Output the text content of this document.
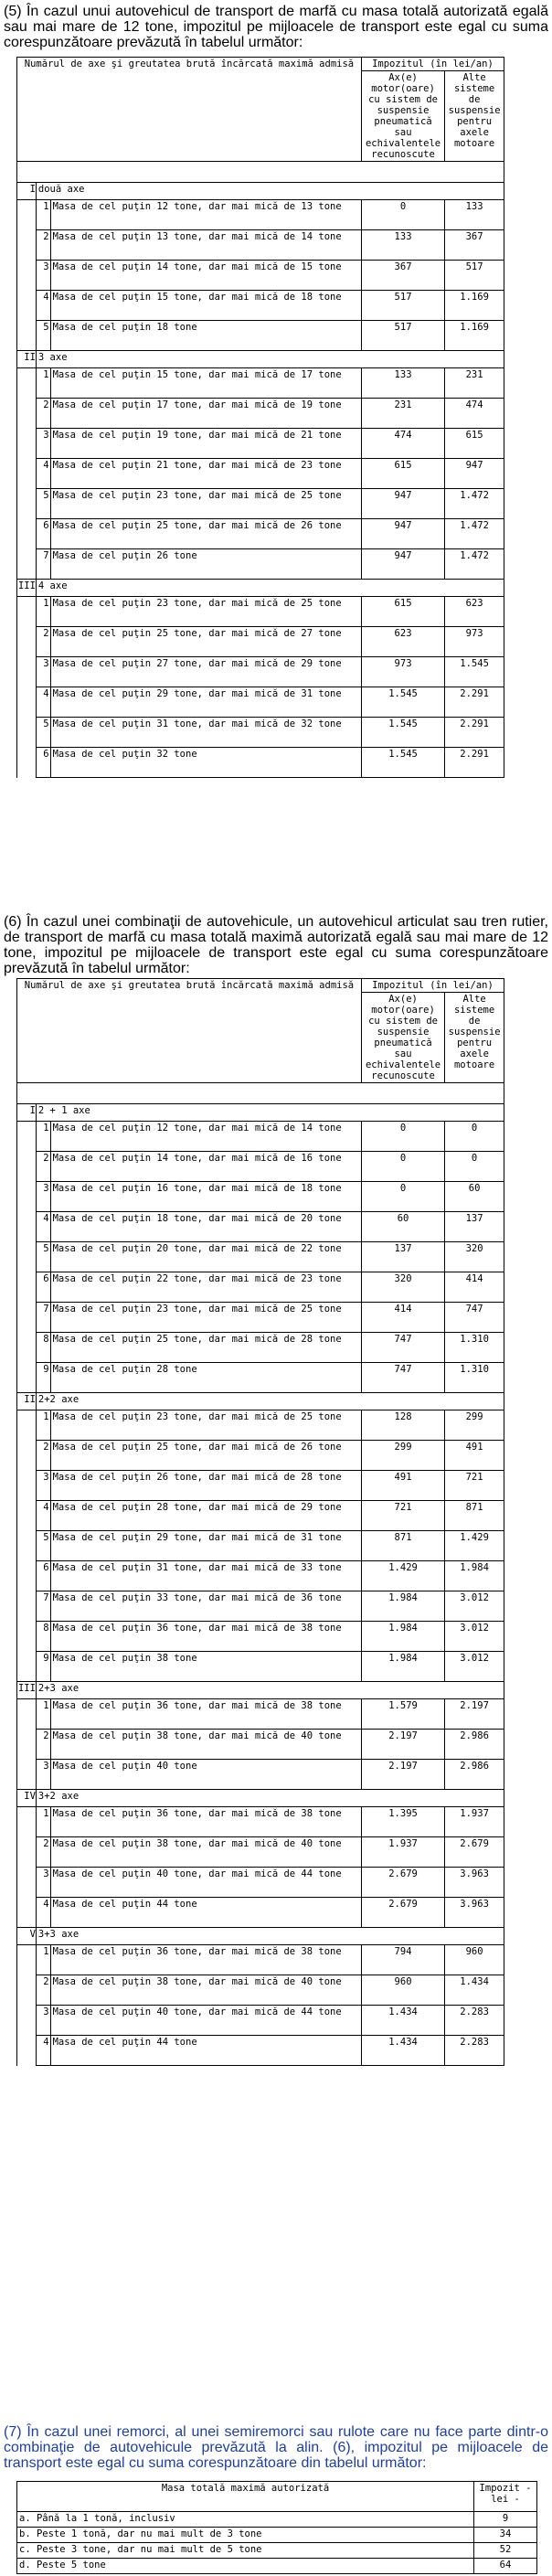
(5) În cazul unui autovehicul de transport de marfă cu masa totală autorizată egală sau mai mare de 12 tone, impozitul pe mijloacele de transport este egal cu suma corespunzătoare prevăzută în tabelul următor:

Numărul de axe şi greutatea brută încărcată maximă admisă			Impozitul (în lei/an)	
			Ax(e) motor(oare) cu sistem de suspensie pneumatică sau echivalentele recunoscute	Alte sisteme de suspensie pentru axele motoare

I	două axe			
	1	Masa de cel puţin 12 tone, dar mai mică de 13 tone	0	133
	2	Masa de cel puţin 13 tone, dar mai mică de 14 tone	133	367
	3	Masa de cel puţin 14 tone, dar mai mică de 15 tone	367	517
	4	Masa de cel puţin 15 tone, dar mai mică de 18 tone	517	1.169
	5	Masa de cel puţin 18 tone	517	1.169
II	3 axe			
	1	Masa de cel puţin 15 tone, dar mai mică de 17 tone	133	231
	2	Masa de cel puţin 17 tone, dar mai mică de 19 tone	231	474
	3	Masa de cel puţin 19 tone, dar mai mică de 21 tone	474	615
	4	Masa de cel puţin 21 tone, dar mai mică de 23 tone	615	947
	5	Masa de cel puţin 23 tone, dar mai mică de 25 tone	947	1.472
	6	Masa de cel puţin 25 tone, dar mai mică de 26 tone	947	1.472
	7	Masa de cel puţin 26 tone	947	1.472
III	4 axe			
	1	Masa de cel puţin 23 tone, dar mai mică de 25 tone	615	623
	2	Masa de cel puţin 25 tone, dar mai mică de 27 tone	623	973
	3	Masa de cel puţin 27 tone, dar mai mică de 29 tone	973	1.545
	4	Masa de cel puţin 29 tone, dar mai mică de 31 tone	1.545	2.291
	5	Masa de cel puţin 31 tone, dar mai mică de 32 tone	1.545	2.291
	6	Masa de cel puţin 32 tone	1.545	2.291

(6) În cazul unei combinaţii de autovehicule, un autovehicul articulat sau tren rutier, de transport de marfă cu masa totală maximă autorizată egală sau mai mare de 12 tone, impozitul pe mijloacele de transport este egal cu suma corespunzătoare prevăzută în tabelul următor:

Numărul de axe şi greutatea brută încărcată maximă admisă			Impozitul (în lei/an)	
			Ax(e) motor(oare) cu sistem de suspensie pneumatică sau echivalentele recunoscute	Alte sisteme de suspensie pentru axele motoare

I	2 + 1 axe			
	1	Masa de cel puţin 12 tone, dar mai mică de 14 tone	0	0
	2	Masa de cel puţin 14 tone, dar mai mică de 16 tone	0	0
	3	Masa de cel puţin 16 tone, dar mai mică de 18 tone	0	60
	4	Masa de cel puţin 18 tone, dar mai mică de 20 tone	60	137
	5	Masa de cel puţin 20 tone, dar mai mică de 22 tone	137	320
	6	Masa de cel puţin 22 tone, dar mai mică de 23 tone	320	414
	7	Masa de cel puţin 23 tone, dar mai mică de 25 tone	414	747
	8	Masa de cel puţin 25 tone, dar mai mică de 28 tone	747	1.310
	9	Masa de cel puţin 28 tone	747	1.310
II	2+2 axe			
	1	Masa de cel puţin 23 tone, dar mai mică de 25 tone	128	299
	2	Masa de cel puţin 25 tone, dar mai mică de 26 tone	299	491
	3	Masa de cel puţin 26 tone, dar mai mică de 28 tone	491	721
	4	Masa de cel puţin 28 tone, dar mai mică de 29 tone	721	871
	5	Masa de cel puţin 29 tone, dar mai mică de 31 tone	871	1.429
	6	Masa de cel puţin 31 tone, dar mai mică de 33 tone	1.429	1.984
	7	Masa de cel puţin 33 tone, dar mai mică de 36 tone	1.984	3.012
	8	Masa de cel puţin 36 tone, dar mai mică de 38 tone	1.984	3.012
	9	Masa de cel puţin 38 tone	1.984	3.012
III	2+3 axe			
	1	Masa de cel puţin 36 tone, dar mai mică de 38 tone	1.579	2.197
	2	Masa de cel puţin 38 tone, dar mai mică de 40 tone	2.197	2.986
	3	Masa de cel puţin 40 tone	2.197	2.986
IV	3+2 axe			
	1	Masa de cel puţin 36 tone, dar mai mică de 38 tone	1.395	1.937
	2	Masa de cel puţin 38 tone, dar mai mică de 40 tone	1.937	2.679
	3	Masa de cel puţin 40 tone, dar mai mică de 44 tone	2.679	3.963
	4	Masa de cel puţin 44 tone	2.679	3.963
V	3+3 axe			
	1	Masa de cel puţin 36 tone, dar mai mică de 38 tone	794	960
	2	Masa de cel puţin 38 tone, dar mai mică de 40 tone	960	1.434
	3	Masa de cel puţin 40 tone, dar mai mică de 44 tone	1.434	2.283
	4	Masa de cel puţin 44 tone	1.434	2.283

(7) În cazul unei remorci, al unei semiremorci sau rulote care nu face parte dintr-o combinaţie de autovehicule prevăzută la alin. (6), impozitul pe mijloacele de transport este egal cu suma corespunzătoare din tabelul următor:

Masa totală maximă autorizată	Impozit - lei -
a. Până la 1 tonă, inclusiv	9
b. Peste 1 tonă, dar nu mai mult de 3 tone	34
c. Peste 3 tone, dar nu mai mult de 5 tone	52
d. Peste 5 tone	64
